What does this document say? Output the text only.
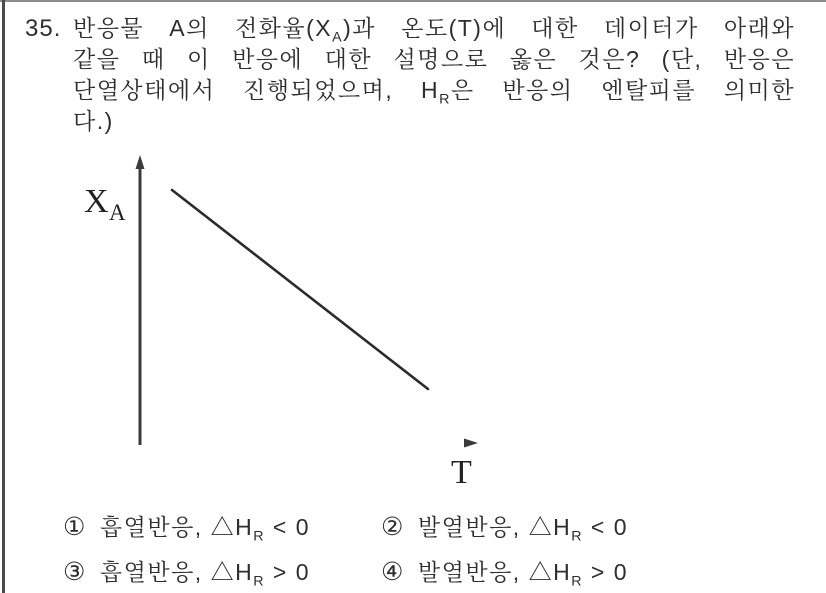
35. 반응물 A의 전화율$(X_A)$과 온도(T)에 대한 데이터가 아래와
같을 때 이 반응에 대한 설명으로 옳은 것은? (단, 반응은
단열상태에서 진행되었으며, $H_R$은 반응의 엔탈피를 의미한
다.)
X A
T
① 흡열반응, $\triangle H_R < 0$	② 발열반응, $\triangle H_R < 0$
③ 흡열반응, $\triangle H_R > 0$	④ 발열반응, $\triangle H_R > 0$
